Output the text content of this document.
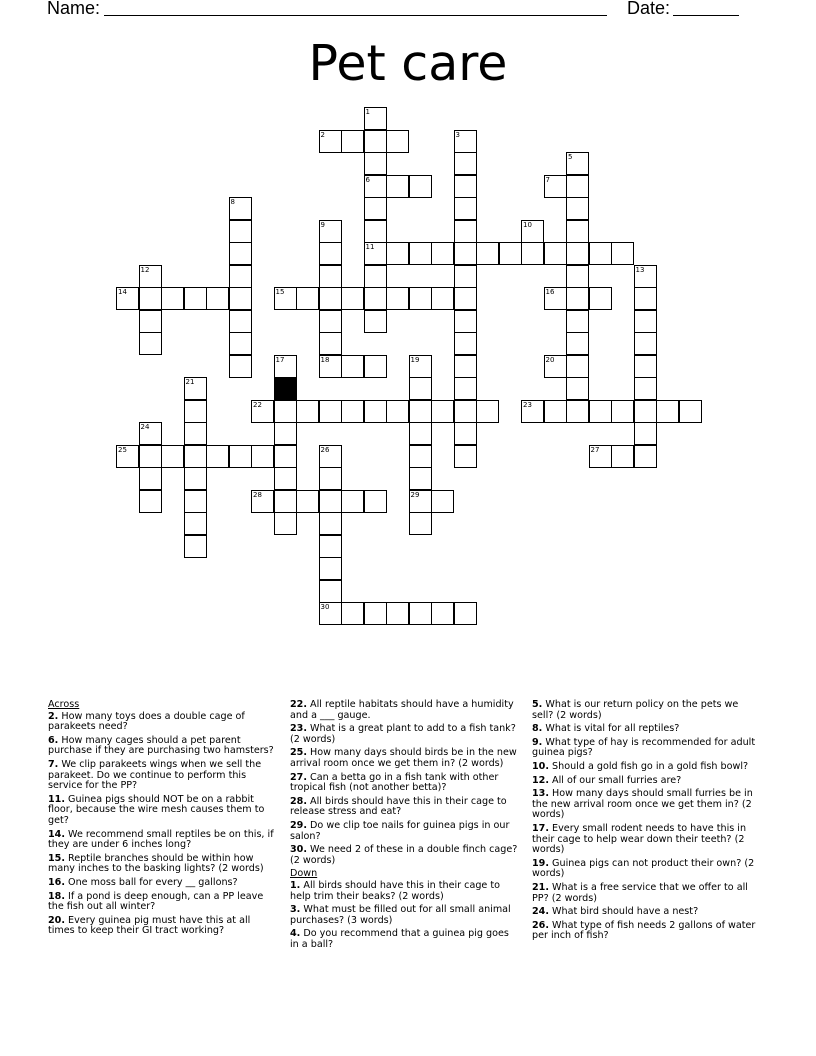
Name:	Date:
Pet care
2
6	7
11
14	15	16
18	20
22	23
25	27
28	29
30
1
3
5
8
9	10
12	13
17	19
21
24
26
Across
2. How many toys does a double cage of parakeets need?
6. How many cages should a pet parent purchase if they are purchasing two hamsters?
7. We clip parakeets wings when we sell the parakeet. Do we continue to perform this service for the PP?
11. Guinea pigs should NOT be on a rabbit floor, because the wire mesh causes them to get?
14. We recommend small reptiles be on this, if they are under 6 inches long?
15. Reptile branches should be within how many inches to the basking lights? (2 words)
16. One moss ball for every __ gallons?
18. If a pond is deep enough, can a PP leave the fish out all winter?
20. Every guinea pig must have this at all times to keep their GI tract working?
22. All reptile habitats should have a humidity and a ___ gauge.
23. What is a great plant to add to a fish tank? (2 words)
25. How many days should birds be in the new arrival room once we get them in? (2 words)
27. Can a betta go in a fish tank with other tropical fish (not another betta)?
28. All birds should have this in their cage to release stress and eat?
29. Do we clip toe nails for guinea pigs in our salon?
30. We need 2 of these in a double finch cage? (2 words)
Down
1. All birds should have this in their cage to help trim their beaks? (2 words)
3. What must be filled out for all small animal purchases? (3 words)
4. Do you recommend that a guinea pig goes in a ball?
5. What is our return policy on the pets we sell? (2 words)
8. What is vital for all reptiles?
9. What type of hay is recommended for adult guinea pigs?
10. Should a gold fish go in a gold fish bowl?
12. All of our small furries are?
13. How many days should small furries be in the new arrival room once we get them in? (2 words)
17. Every small rodent needs to have this in their cage to help wear down their teeth? (2 words)
19. Guinea pigs can not product their own? (2 words)
21. What is a free service that we offer to all PP? (2 words)
24. What bird should have a nest?
26. What type of fish needs 2 gallons of water per inch of fish?
